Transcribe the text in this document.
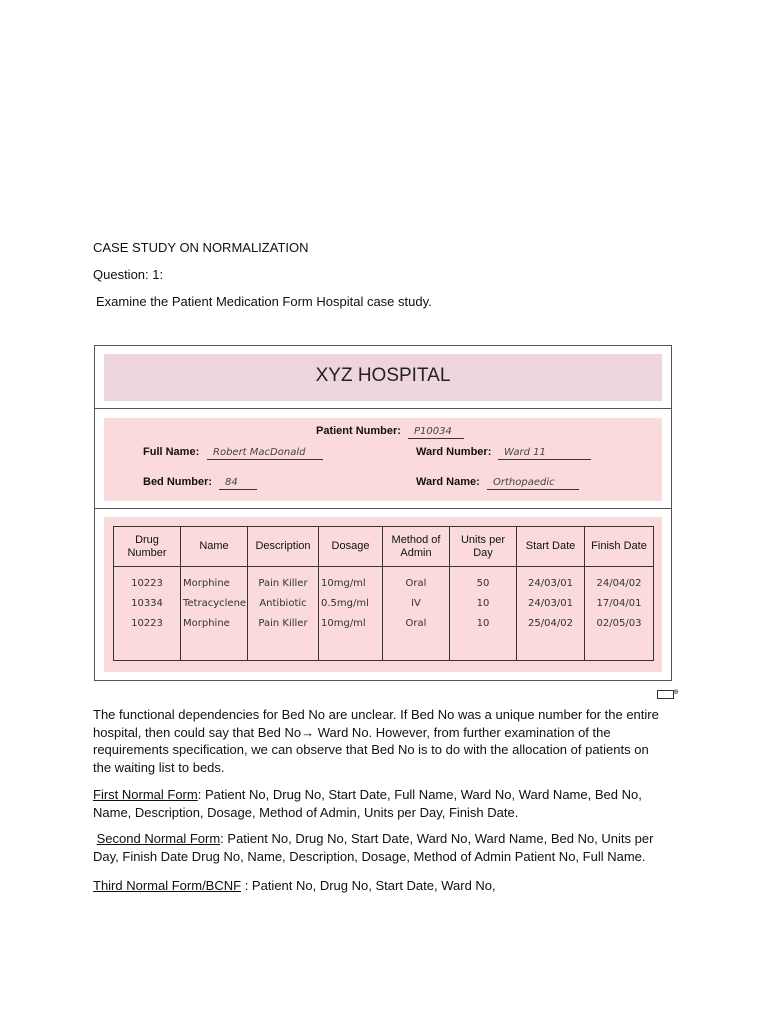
CASE STUDY ON NORMALIZATION
Question: 1:
Examine the Patient Medication Form Hospital case study.
XYZ HOSPITAL
Patient Number:	P10034
Full Name:	Robert MacDonald	Ward Number:	Ward 11
Bed Number:	84	Ward Name:	Orthopaedic
Drug Number	Name	Description	Dosage	Method of Admin	Units per Day	Start Date	Finish Date
10223	Morphine	Pain Killer	10mg/ml	Oral	50	24/03/01	24/04/02
10334	Tetracyclene	Antibiotic	0.5mg/ml	IV	10	24/03/01	17/04/01
10223	Morphine	Pain Killer	10mg/ml	Oral	10	25/04/02	02/05/03

⊕
The functional dependencies for Bed No are unclear. If Bed No was a unique number for the entire hospital, then could say that Bed No→ Ward No. However, from further examination of the requirements specification, we can observe that Bed No is to do with the allocation of patients on the waiting list to beds.
First Normal Form: Patient No, Drug No, Start Date, Full Name, Ward No, Ward Name, Bed No, Name, Description, Dosage, Method of Admin, Units per Day, Finish Date.
Second Normal Form: Patient No, Drug No, Start Date, Ward No, Ward Name, Bed No, Units per Day, Finish Date Drug No, Name, Description, Dosage, Method of Admin Patient No, Full Name.
Third Normal Form/BCNF : Patient No, Drug No, Start Date, Ward No,
